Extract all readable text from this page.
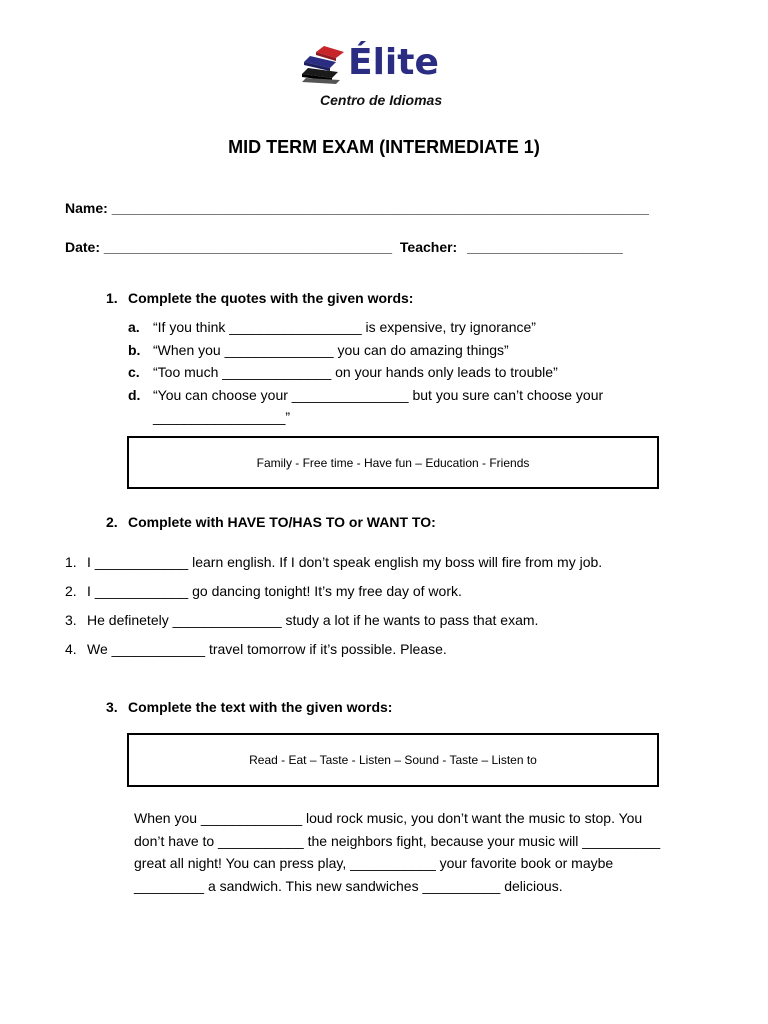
Élite
Centro de Idiomas
MID TERM EXAM (INTERMEDIATE 1)
Name: _____________________________________________________________________
Date: _____________________________________ Teacher: ____________________
1. Complete the quotes with the given words:
a. “If you think _________________ is expensive, try ignorance”
b. “When you ______________ you can do amazing things”
c. “Too much ______________ on your hands only leads to trouble”
d. “You can choose your _______________ but you sure can’t choose your
_________________”
Family - Free time - Have fun – Education - Friends
2. Complete with HAVE TO/HAS TO or WANT TO:
1. I ____________ learn english. If I don’t speak english my boss will fire from my job.
2. I ____________ go dancing tonight! It’s my free day of work.
3. He definetely ______________ study a lot if he wants to pass that exam.
4. We ____________ travel tomorrow if it’s possible. Please.
3. Complete the text with the given words:
Read - Eat – Taste - Listen – Sound - Taste – Listen to
When you _____________ loud rock music, you don’t want the music to stop. You
don’t have to ___________ the neighbors fight, because your music will __________
great all night! You can press play, ___________ your favorite book or maybe
_________ a sandwich. This new sandwiches __________ delicious.
